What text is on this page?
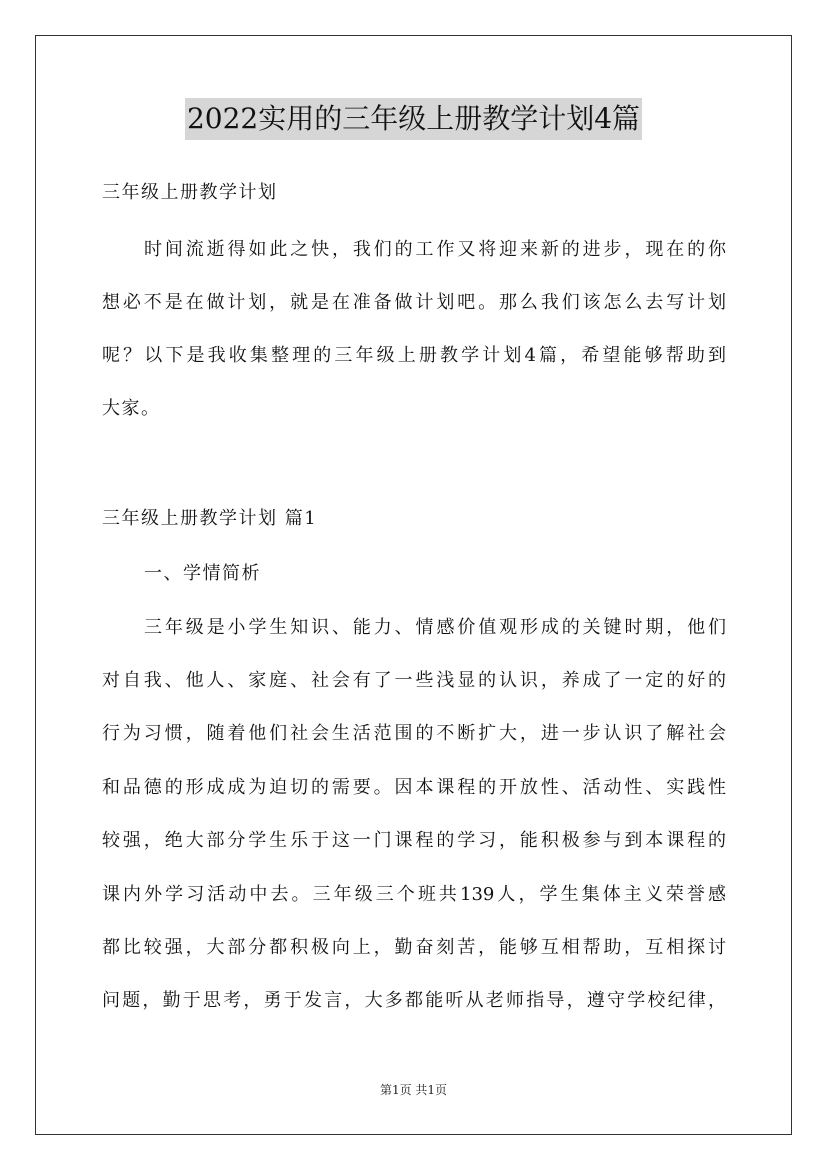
2022实用的三年级上册教学计划4篇
三年级上册教学计划
时间流逝得如此之快，我们的工作又将迎来新的进步，现在的你
想必不是在做计划，就是在准备做计划吧。那么我们该怎么去写计划
呢？以下是我收集整理的三年级上册教学计划4篇，希望能够帮助到
大家。
三年级上册教学计划 篇1
一、学情简析
三年级是小学生知识、能力、情感价值观形成的关键时期，他们
对自我、他人、家庭、社会有了一些浅显的认识，养成了一定的好的
行为习惯，随着他们社会生活范围的不断扩大，进一步认识了解社会
和品德的形成成为迫切的需要。因本课程的开放性、活动性、实践性
较强，绝大部分学生乐于这一门课程的学习，能积极参与到本课程的
课内外学习活动中去。三年级三个班共139人，学生集体主义荣誉感
都比较强，大部分都积极向上，勤奋刻苦，能够互相帮助，互相探讨
问题，勤于思考，勇于发言，大多都能听从老师指导，遵守学校纪律，
第1页 共1页
